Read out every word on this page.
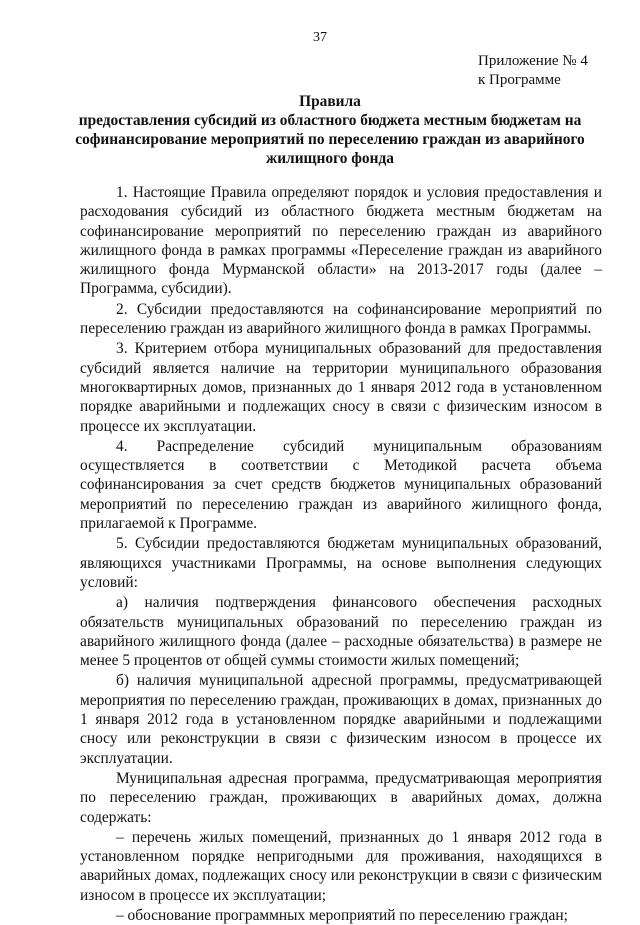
37
Приложение № 4
к Программе
Правила
предоставления субсидий из областного бюджета местным бюджетам на
софинансирование мероприятий по переселению граждан из аварийного
жилищного фонда

1. Настоящие Правила определяют порядок и условия предоставления и расходования субсидий из областного бюджета местным бюджетам на софинансирование мероприятий по переселению граждан из аварийного жилищного фонда в рамках программы «Переселение граждан из аварийного жилищного фонда Мурманской области» на 2013-2017 годы (далее – Программа, субсидии).

2. Субсидии предоставляются на софинансирование мероприятий по переселению граждан из аварийного жилищного фонда в рамках Программы.

3. Критерием отбора муниципальных образований для предоставления субсидий является наличие на территории муниципального образования многоквартирных домов, признанных до 1 января 2012 года в установленном порядке аварийными и подлежащих сносу в связи с физическим износом в процессе их эксплуатации.

4. Распределение субсидий муниципальным образованиям осуществляется в соответствии с Методикой расчета объема софинансирования за счет средств бюджетов муниципальных образований мероприятий по переселению граждан из аварийного жилищного фонда, прилагаемой к Программе.

5. Субсидии предоставляются бюджетам муниципальных образований, являющихся участниками Программы, на основе выполнения следующих условий:

а) наличия подтверждения финансового обеспечения расходных обязательств муниципальных образований по переселению граждан из аварийного жилищного фонда (далее – расходные обязательства) в размере не менее 5 процентов от общей суммы стоимости жилых помещений;

б) наличия муниципальной адресной программы, предусматривающей мероприятия по переселению граждан, проживающих в домах, признанных до 1 января 2012 года в установленном порядке аварийными и подлежащими сносу или реконструкции в связи с физическим износом в процессе их эксплуатации.

Муниципальная адресная программа, предусматривающая мероприятия по переселению граждан, проживающих в аварийных домах, должна содержать:

– перечень жилых помещений, признанных до 1 января 2012 года в установленном порядке непригодными для проживания, находящихся в аварийных домах, подлежащих сносу или реконструкции в связи с физическим износом в процессе их эксплуатации;

– обоснование программных мероприятий по переселению граждан;
